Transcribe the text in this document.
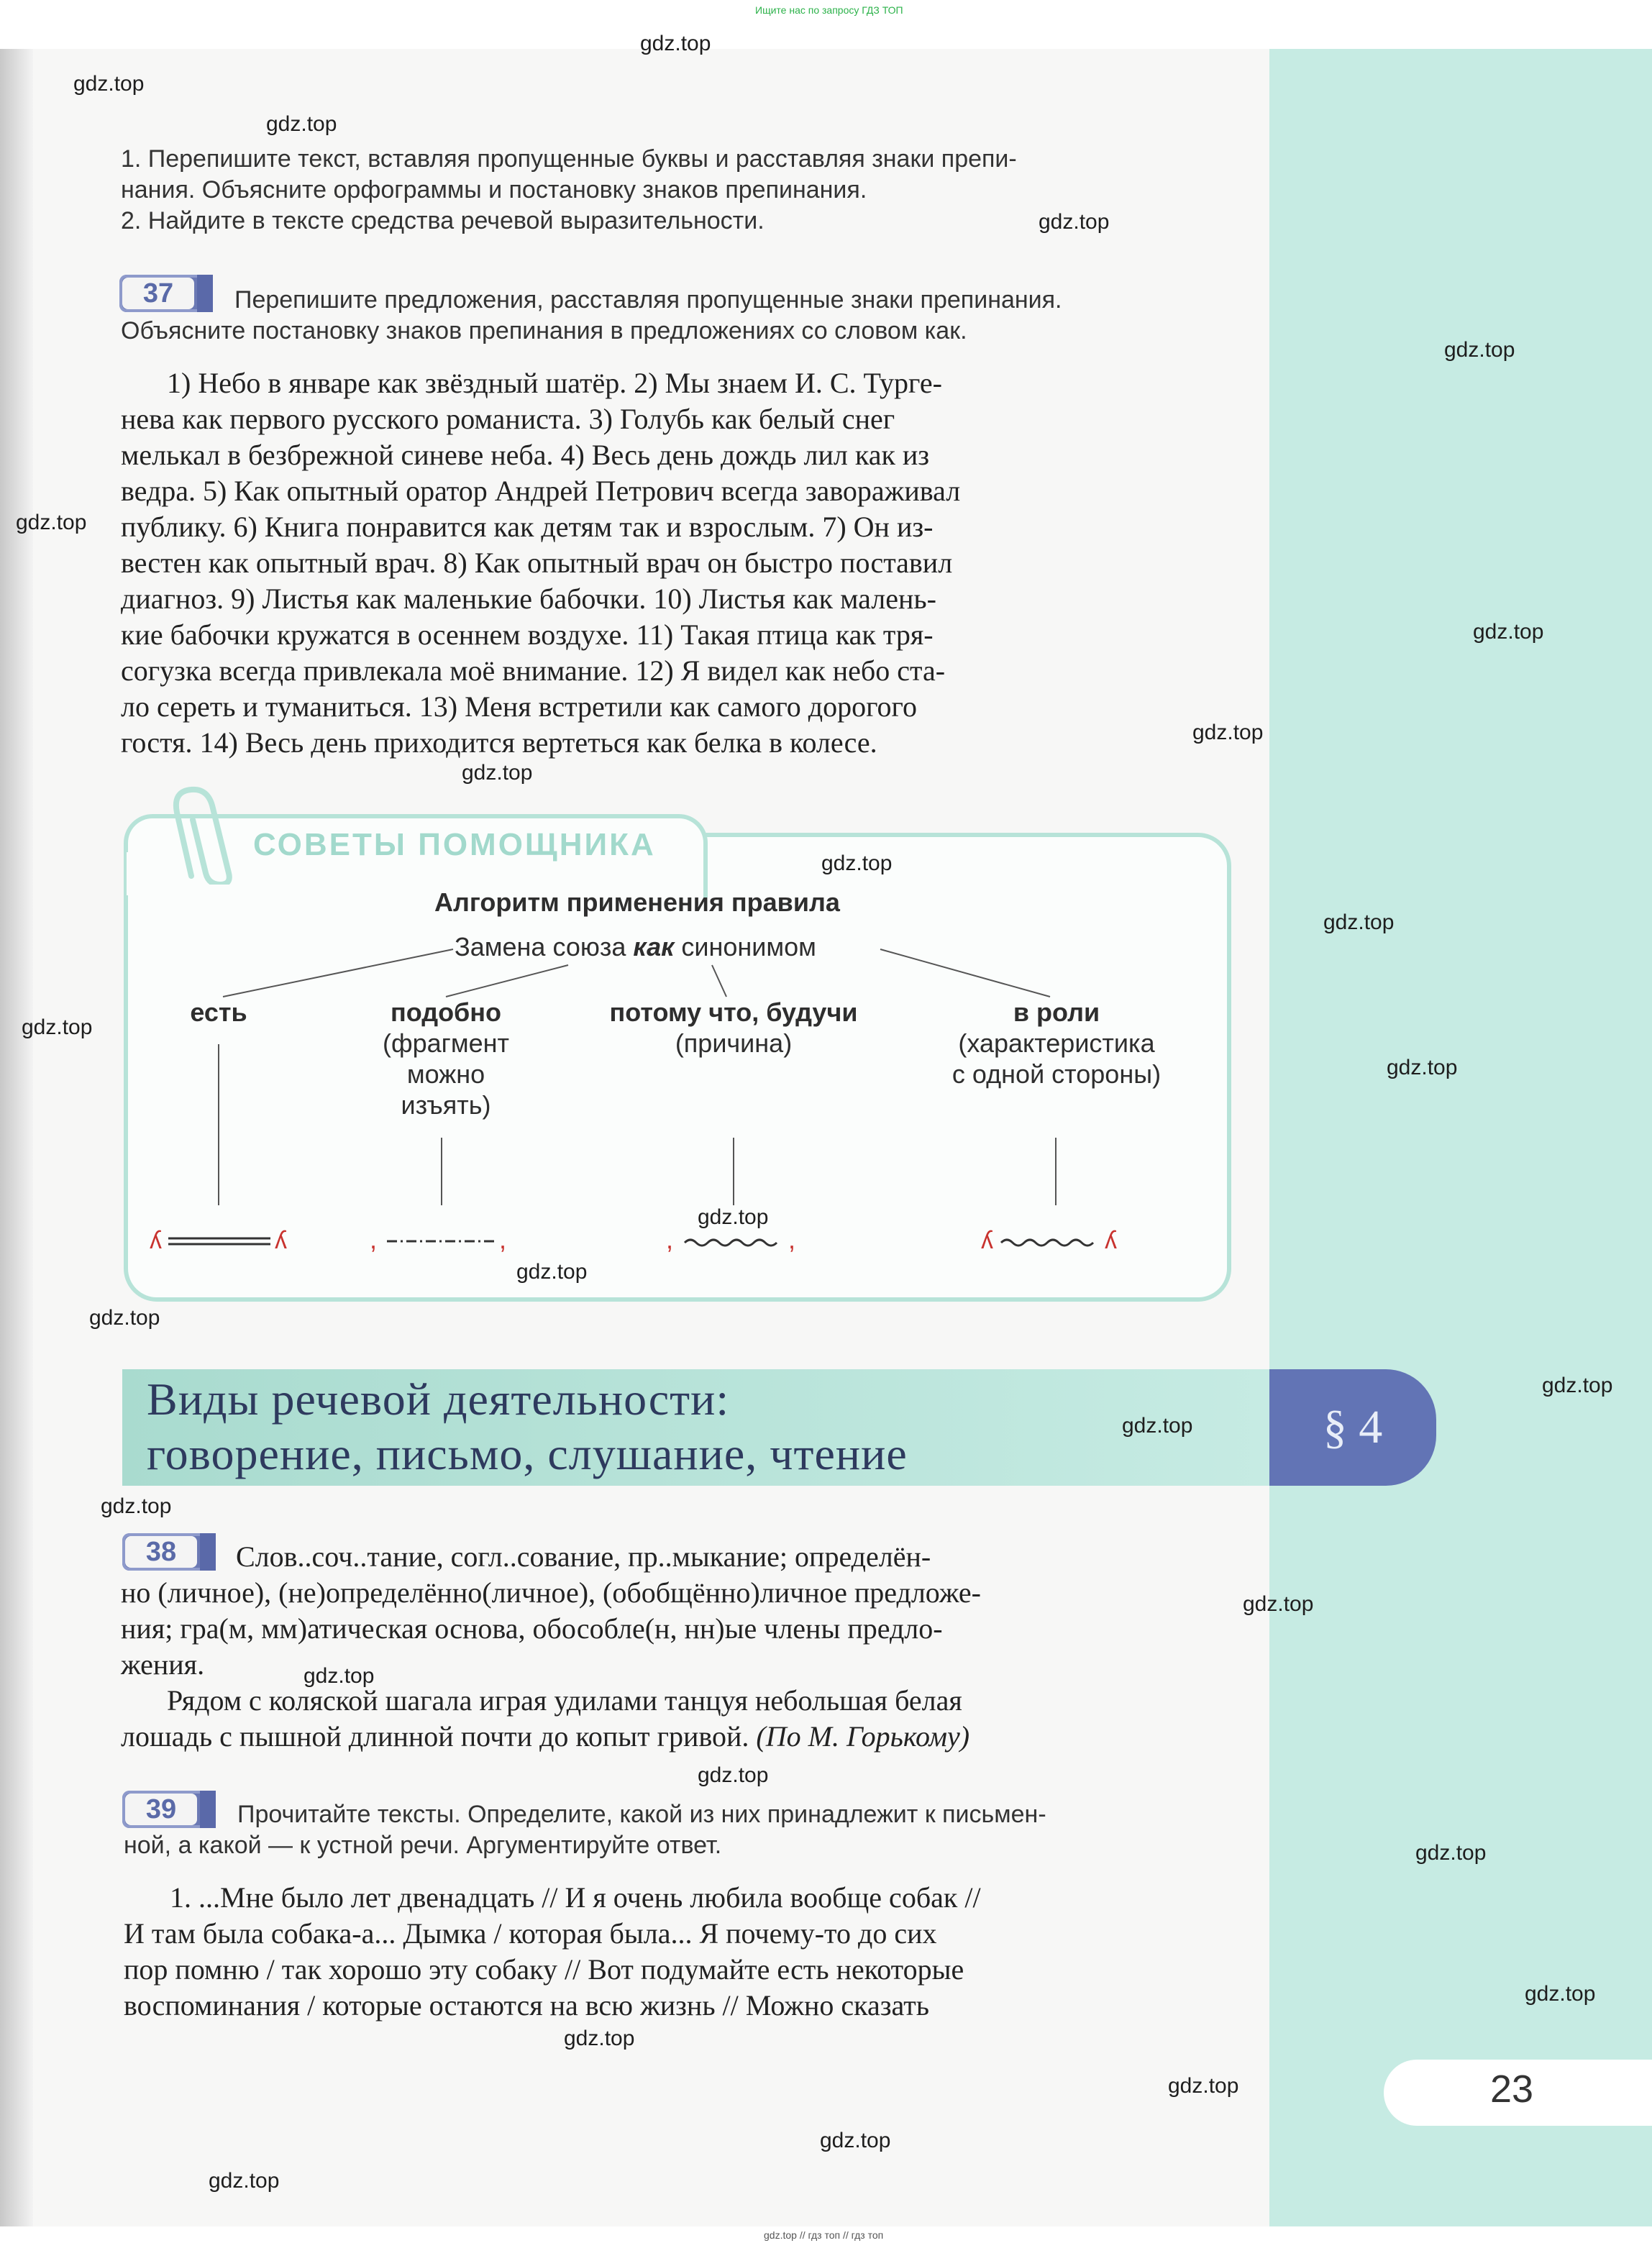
Ищите нас по запросу ГДЗ ТОП
1. Перепишите текст, вставляя пропущенные буквы и расставляя знаки препи-
нания. Объясните орфограммы и постановку знаков препинания.
2. Найдите в тексте средства речевой выразительности.
37	Перепишите предложения, расставляя пропущенные знаки препинания.
Объясните постановку знаков препинания в предложениях со словом как.
1) Небо в январе как звёздный шатёр. 2) Мы знаем И. С. Турге-
нева как первого русского романиста. 3) Голубь как белый снег
мелькал в безбрежной синеве неба. 4) Весь день дождь лил как из
ведра. 5) Как опытный оратор Андрей Петрович всегда завораживал
публику. 6) Книга понравится как детям так и взрослым. 7) Он из-
вестен как опытный врач. 8) Как опытный врач он быстро поставил
диагноз. 9) Листья как маленькие бабочки. 10) Листья как малень-
кие бабочки кружатся в осеннем воздухе. 11) Такая птица как тря-
согузка всегда привлекала моё внимание. 12) Я видел как небо ста-
ло сереть и туманиться. 13) Меня встретили как самого дорогого
гостя. 14) Весь день приходится вертеться как белка в колесе.
СОВЕТЫ ПОМОЩНИКА
Алгоритм применения правила
Замена союза как синонимом
есть	подобно
(фрагмент
можно
изъять)
потому что, будучи
(причина)
в роли
(характеристика
с одной стороны)
ʎ	ʎ	,	,	,	,	ʎ	ʎ
Виды речевой деятельности:
говорение, письмо, слушание, чтение
§ 4
38	Слов..соч..тание, согл..сование, пр..мыкание; определён-
но (личное), (не)определённо(личное), (обобщённо)личное предложе-
ния; гра(м, мм)атическая основа, обособле(н, нн)ые члены предло-
жения.
Рядом с коляской шагала играя удилами танцуя небольшая белая
лошадь с пышной длинной почти до копыт гривой. (По М. Горькому)
39	Прочитайте тексты. Определите, какой из них принадлежит к письмен-
ной, а какой — к устной речи. Аргументируйте ответ.
1. ...Мне было лет двенадцать // И я очень любила вообще собак //
И там была собака-а... Дымка / которая была... Я почему-то до сих
пор помню / так хорошо эту собаку // Вот подумайте есть некоторые
воспоминания / которые остаются на всю жизнь // Можно сказать
23
gdz.top // гдз топ // гдз топ
gdz.top
gdz.top
gdz.top
gdz.top
gdz.top
gdz.top
gdz.top
gdz.top
gdz.top
gdz.top
gdz.top
gdz.top
gdz.top
gdz.top
gdz.top
gdz.top
gdz.top
gdz.top
gdz.top
gdz.top
gdz.top
gdz.top
gdz.top
gdz.top
gdz.top
gdz.top
gdz.top
gdz.top
